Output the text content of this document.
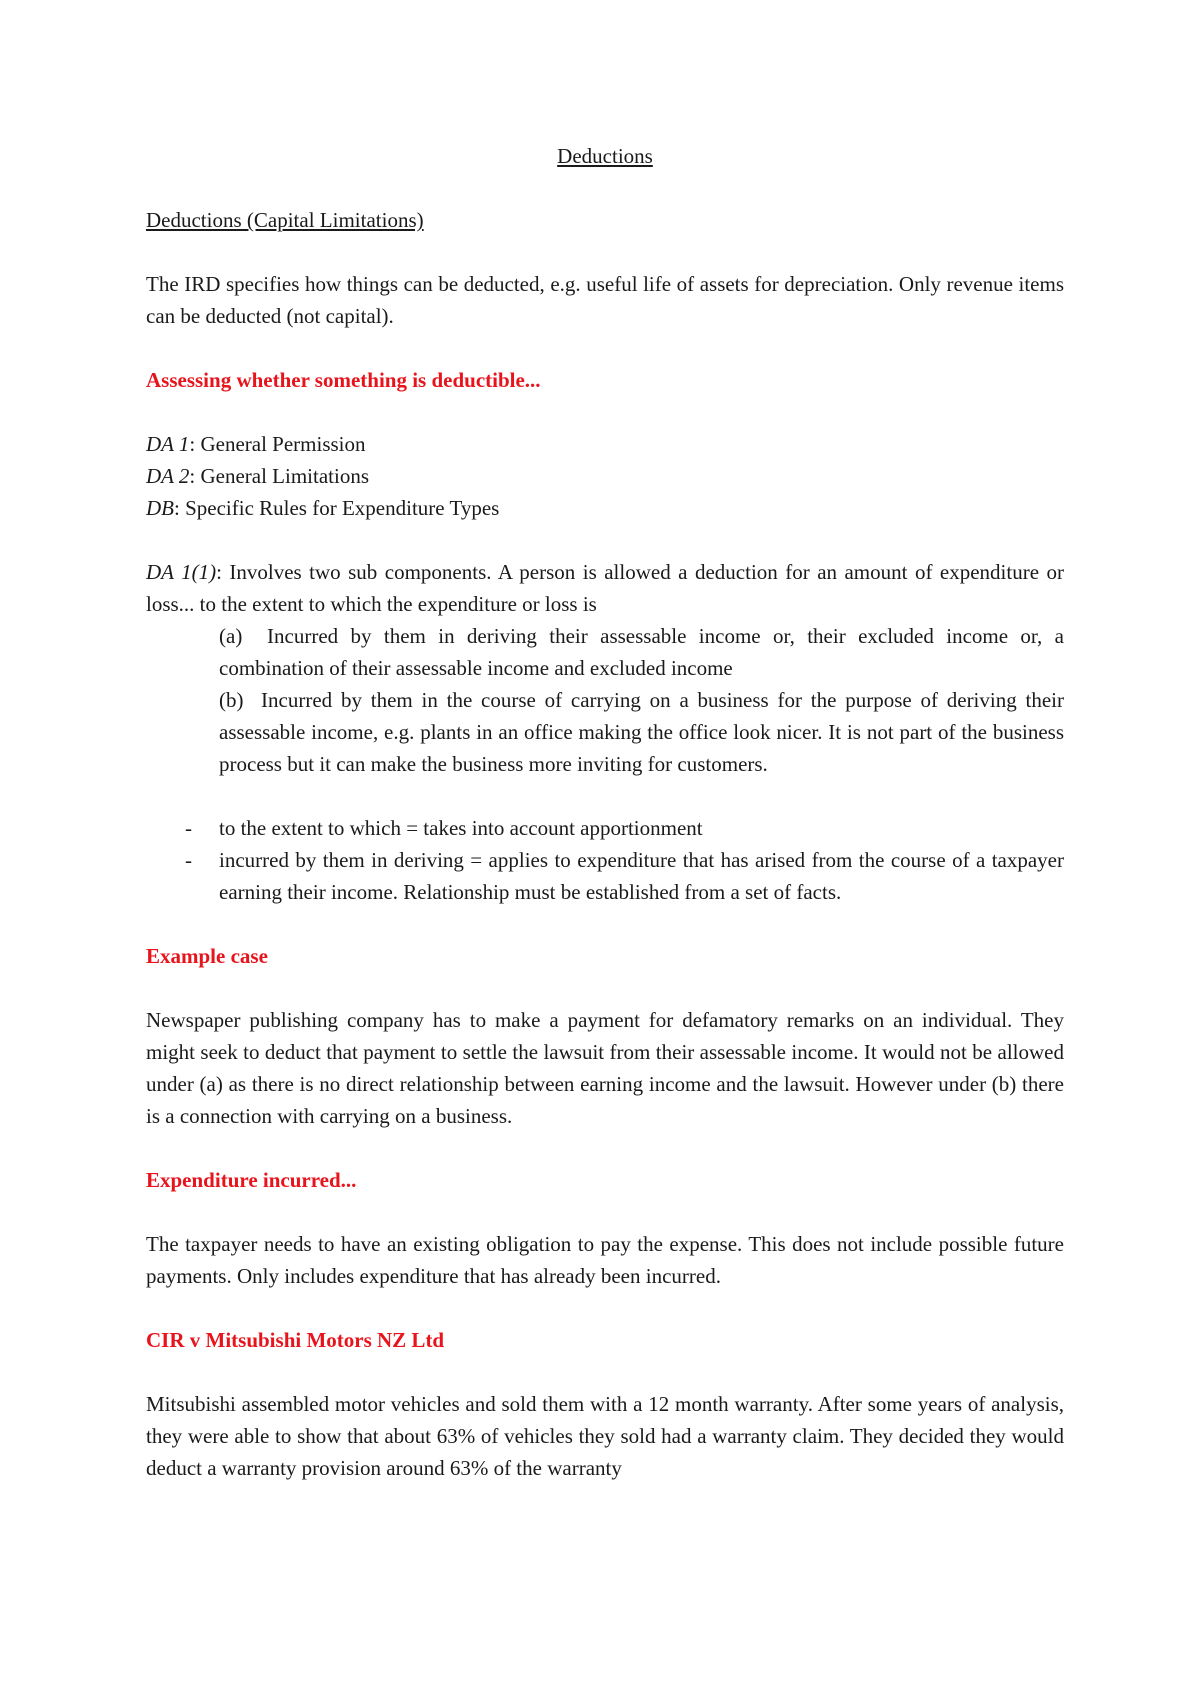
Deductions
Deductions (Capital Limitations)

The IRD specifies how things can be deducted, e.g. useful life of assets for depreciation. Only revenue items can be deducted (not capital).

Assessing whether something is deductible...
DA 1: General Permission
DA 2: General Limitations
DB: Specific Rules for Expenditure Types

DA 1(1): Involves two sub components. A person is allowed a deduction for an amount of expenditure or loss... to the extent to which the expenditure or loss is

(a)  Incurred by them in deriving their assessable income or, their excluded income or, a combination of their assessable income and excluded income
(b)  Incurred by them in the course of carrying on a business for the purpose of deriving their assessable income, e.g. plants in an office making the office look nicer. It is not part of the business process but it can make the business more inviting for customers.
- to the extent to which = takes into account apportionment
- incurred by them in deriving = applies to expenditure that has arised from the course of a taxpayer earning their income. Relationship must be established from a set of facts.
Example case

Newspaper publishing company has to make a payment for defamatory remarks on an individual. They might seek to deduct that payment to settle the lawsuit from their assessable income. It would not be allowed under (a) as there is no direct relationship between earning income and the lawsuit. However under (b) there is a connection with carrying on a business.

Expenditure incurred...

The taxpayer needs to have an existing obligation to pay the expense. This does not include possible future payments. Only includes expenditure that has already been incurred.

CIR v Mitsubishi Motors NZ Ltd

Mitsubishi assembled motor vehicles and sold them with a 12 month warranty. After some years of analysis, they were able to show that about 63% of vehicles they sold had a warranty claim. They decided they would deduct a warranty provision around 63% of the warranty
